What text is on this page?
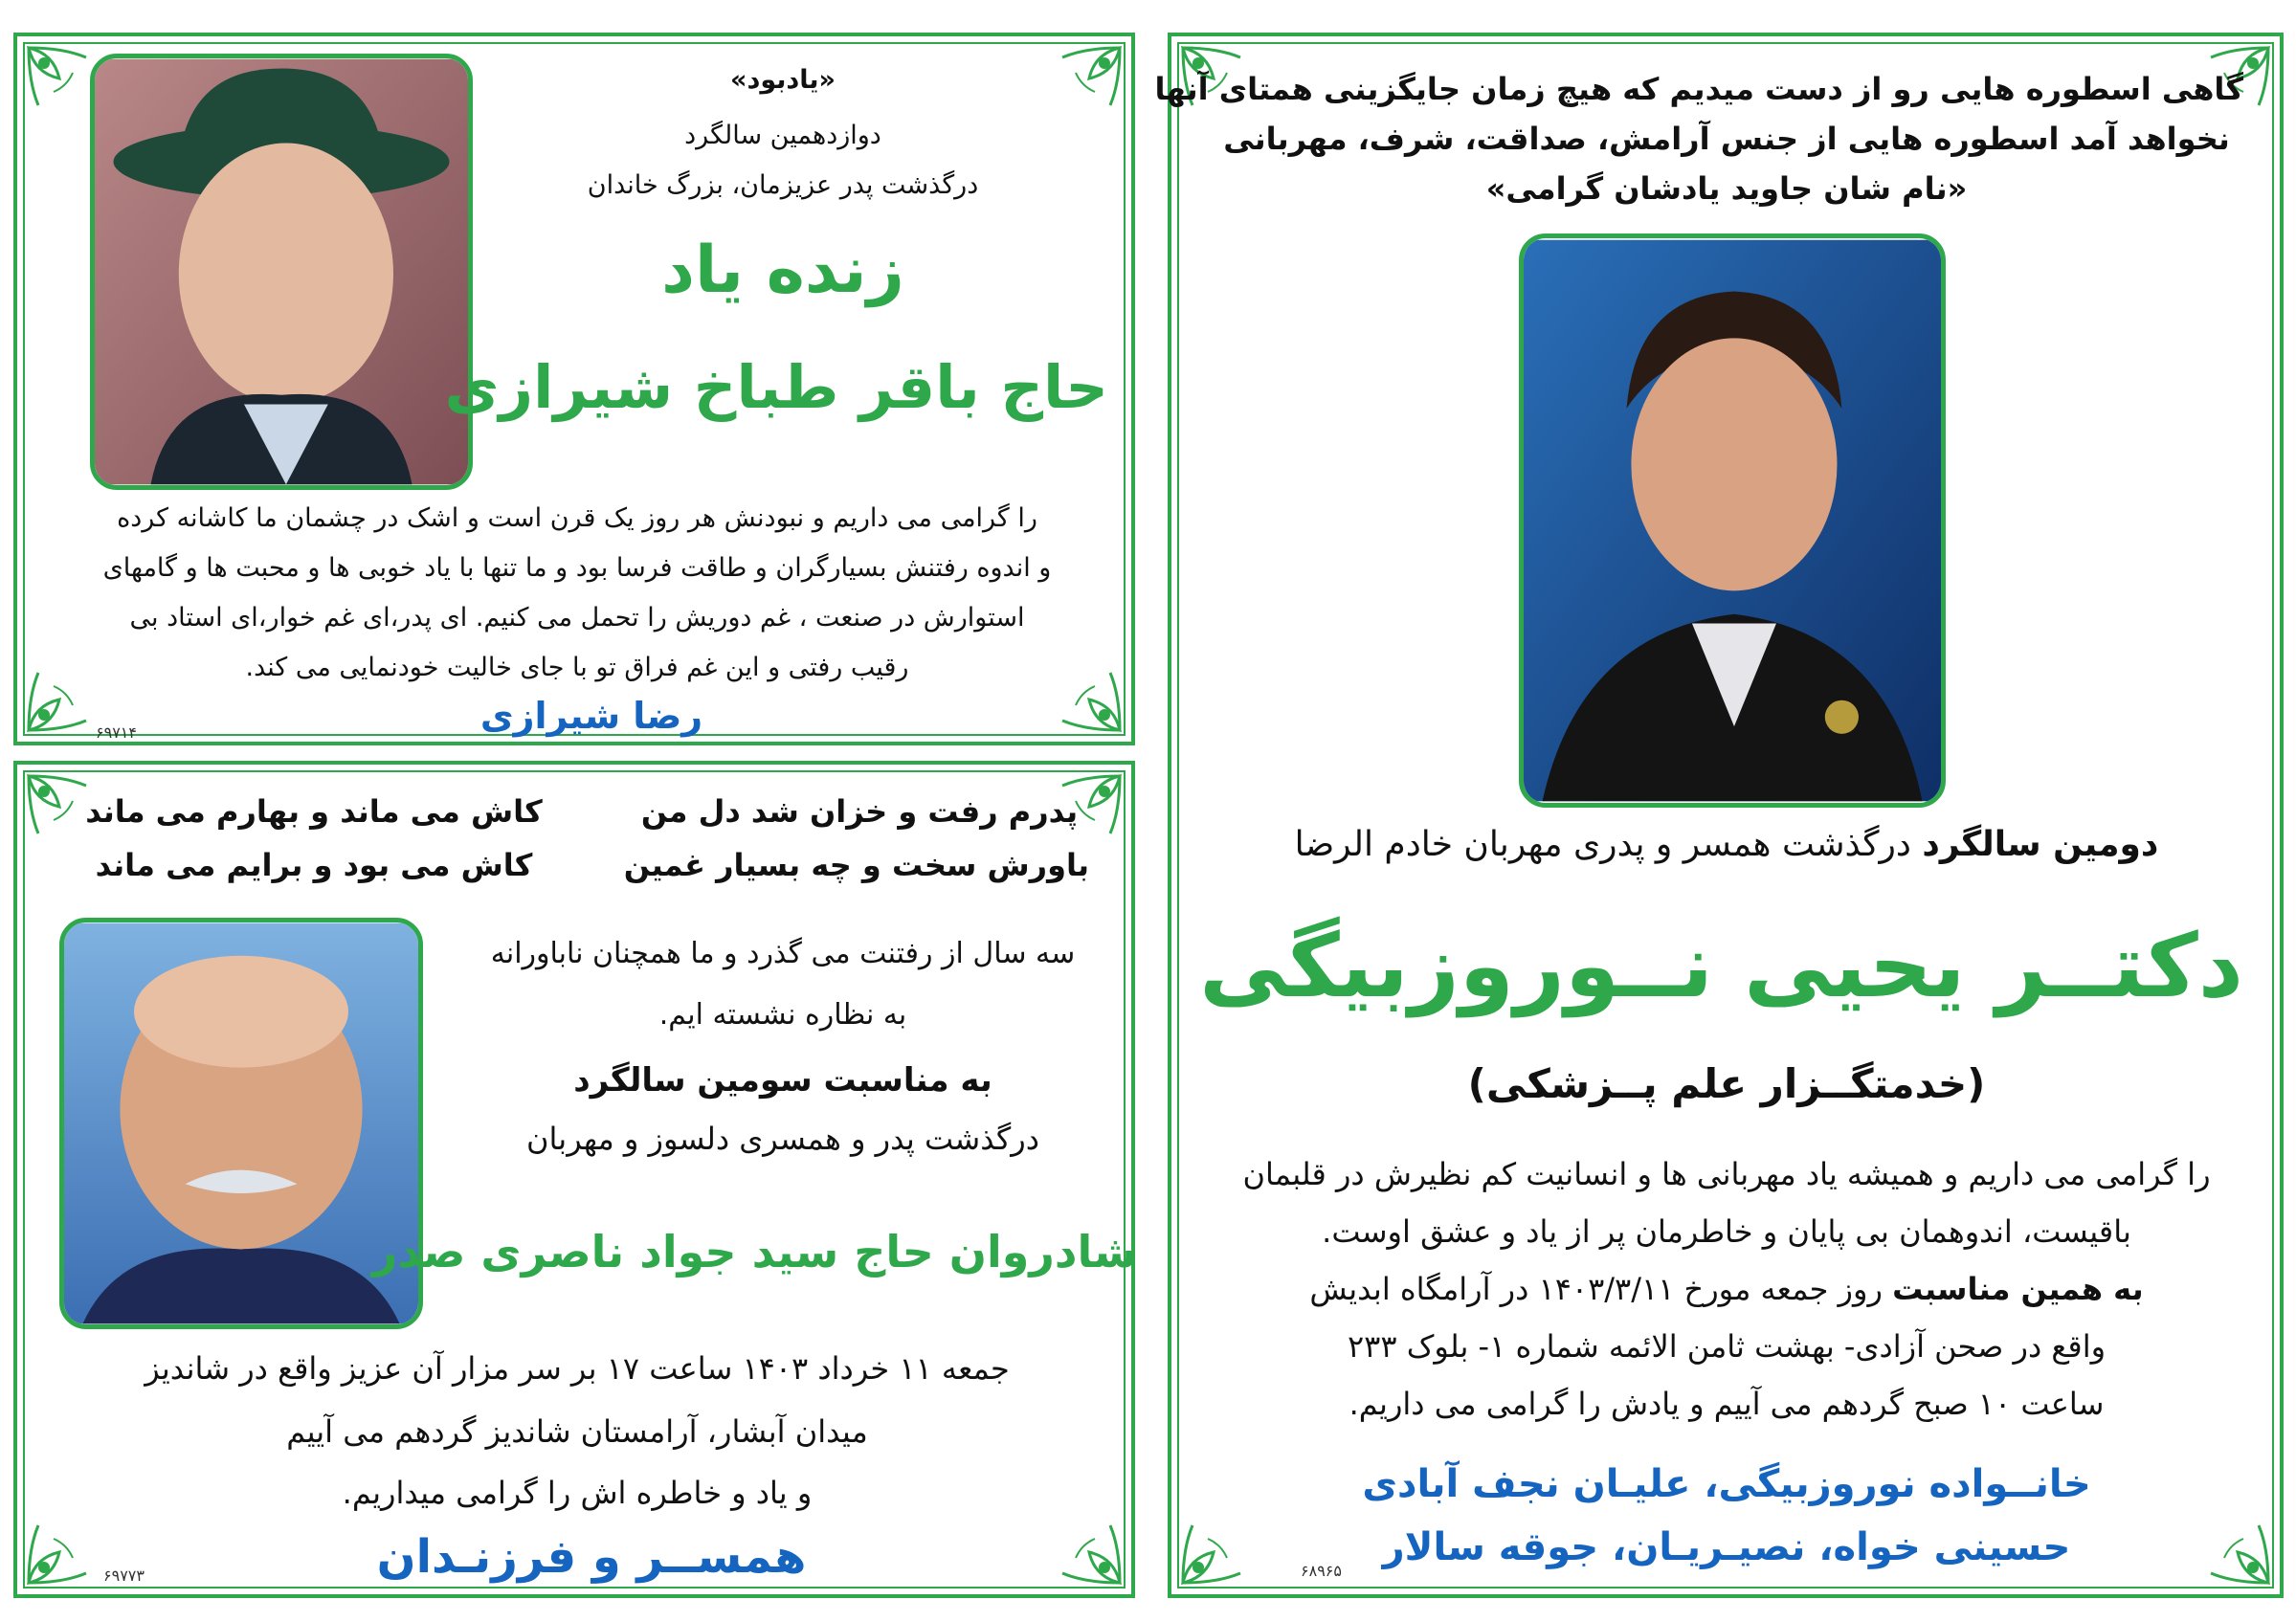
«یادبود»
دوازدهمین سالگرد
درگذشت پدر عزیزمان، بزرگ خاندان
زنده یاد
حاج باقر طباخ شیرازی
را گرامی می داریم و نبودنش هر روز یک قرن است و اشک در چشمان ما کاشانه کرده
و اندوه رفتنش بسیارگران و طاقت فرسا بود و ما تنها با یاد خوبی ها و محبت ها و گامهای
استوارش در صنعت ، غم دوریش را تحمل می کنیم. ای پدر،ای غم خوار،ای استاد بی
رقیب رفتی و این غم فراق تو با جای خالیت خودنمایی می کند.
رضا شیرازی
۶۹۷۱۴
پدرم رفت و خزان شد دل من
باورش سخت و چه بسیار غمین
کاش می ماند و بهارم می ماند
کاش می بود و برایم می ماند
سه سال از رفتنت می گذرد و ما همچنان ناباورانه
به نظاره نشسته ایم.
به مناسبت سومین سالگرد
درگذشت پدر و همسری دلسوز و مهربان
شادروان حاج سید جواد ناصری صدر
جمعه ۱۱ خرداد ۱۴۰۳ ساعت ۱۷ بر سر مزار آن عزیز واقع در شاندیز
میدان آبشار، آرامستان شاندیز گردهم می آییم
و یاد و خاطره اش را گرامی میداریم.
همســر و فرزنـدان
۶۹۷۷۳
گاهی اسطوره هایی رو از دست میدیم که هیچ زمان جایگزینی همتای آنها
نخواهد آمد اسطوره هایی از جنس آرامش، صداقت، شرف، مهربانی
«نام شان جاوید یادشان گرامی»
دومین سالگرد درگذشت همسر و پدری مهربان خادم الرضا
دکتــر یحیی نــوروزبیگی
(خدمتگــزار علم پــزشکی)
را گرامی می داریم و همیشه یاد مهربانی ها و انسانیت کم نظیرش در قلبمان
باقیست، اندوهمان بی پایان و خاطرمان پر از یاد و عشق اوست.
به همین مناسبت روز جمعه مورخ ۱۴۰۳/۳/۱۱ در آرامگاه ابدیش
واقع در صحن آزادی- بهشت ثامن الائمه شماره ۱- بلوک ۲۳۳
ساعت ۱۰ صبح گردهم می آییم و یادش را گرامی می داریم.
خانــواده نوروزبیگی، علیـان نجف آبادی
حسینی خواه، نصیـریـان، جوقه سالار
۶۸۹۶۵
